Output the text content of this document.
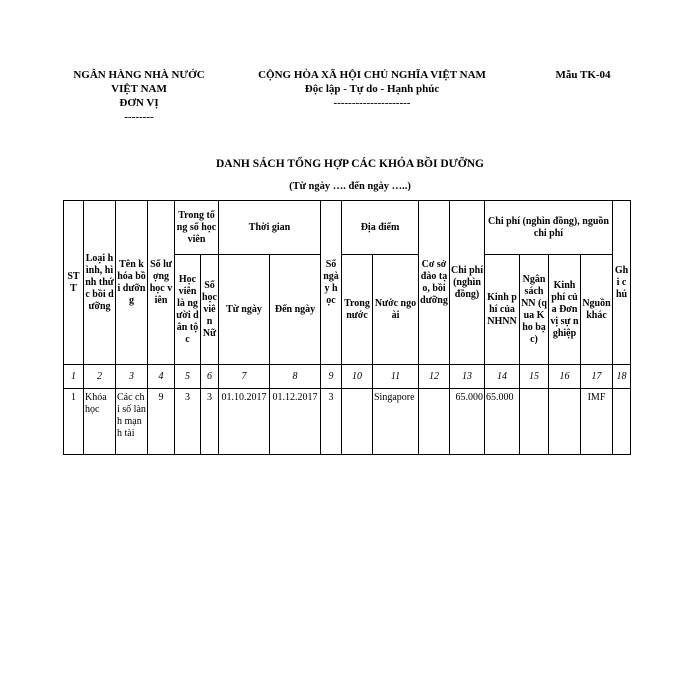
NGÂN HÀNG NHÀ NƯỚC
VIỆT NAM
ĐƠN VỊ
--------
CỘNG HÒA XÃ HỘI CHỦ NGHĨA VIỆT NAM
Độc lập - Tự do - Hạnh phúc
---------------------
Mẫu TK-04
DANH SÁCH TỔNG HỢP CÁC KHÓA BỒI DƯỠNG
(Từ ngày …. đến ngày …..)
STT	Loại hình, hình thức bồi dưỡng	Tên khóa bồi dưỡng	Số lượng học viên	Trong tổng số học viên		Thời gian		Số ngày học	Địa điểm		Cơ sở đào tạo, bồi dưỡng	Chi phí (nghìn đồng)	Chi phí (nghìn đồng), nguồn chi phí				Ghi chú
				Học viên là người dân tộc	Số học viên Nữ	Từ ngày	Đến ngày		Trong nước	Nước ngoài			Kinh phí của NHNN	Ngân sách NN (qua Kho bạc)	Kinh phí của Đơn vị sự nghiệp	Nguồn khác	
1	2	3	4	5	6	7	8	9	10	11	12	13	14	15	16	17	18
1	Khóa học	Các chỉ số lành mạnh tài	9	3	3	01.10.2017	01.12.2017	3		Singapore		65.000	65.000			IMF	
